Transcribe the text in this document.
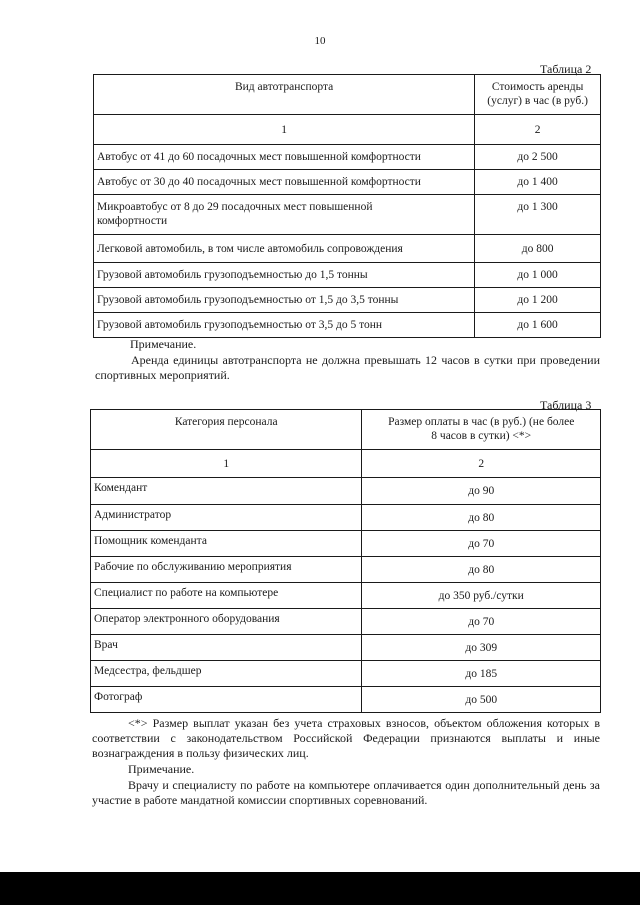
10
Таблица 2
Вид автотранспорта	Стоимость аренды (услуг) в час (в руб.)
1	2
Автобус от 41 до 60 посадочных мест повышенной комфортности	до 2 500
Автобус от 30 до 40 посадочных мест повышенной комфортности	до 1 400
Микроавтобус от 8 до 29 посадочных мест повышенной комфортности	до 1 300
Легковой автомобиль, в том числе автомобиль сопровождения	до 800
Грузовой автомобиль грузоподъемностью до 1,5 тонны	до 1 000
Грузовой автомобиль грузоподъемностью от 1,5 до 3,5 тонны	до 1 200
Грузовой автомобиль грузоподъемностью от 3,5 до 5 тонн	до 1 600
Примечание.
Аренда единицы автотранспорта не должна превышать 12 часов в сутки при проведении спортивных мероприятий.
Таблица 3
Категория персонала	Размер оплаты в час (в руб.) (не более 8 часов в сутки) <*>
1	2
Комендант	до 90
Администратор	до 80
Помощник коменданта	до 70
Рабочие по обслуживанию мероприятия	до 80
Специалист по работе на компьютере	до 350 руб./сутки
Оператор электронного оборудования	до 70
Врач	до 309
Медсестра, фельдшер	до 185
Фотограф	до 500
<*> Размер выплат указан без учета страховых взносов, объектом обложения которых в соответствии с законодательством Российской Федерации признаются выплаты и иные вознаграждения в пользу физических лиц.
Примечание.
Врачу и специалисту по работе на компьютере оплачивается один дополнительный день за участие в работе мандатной комиссии спортивных соревнований.
